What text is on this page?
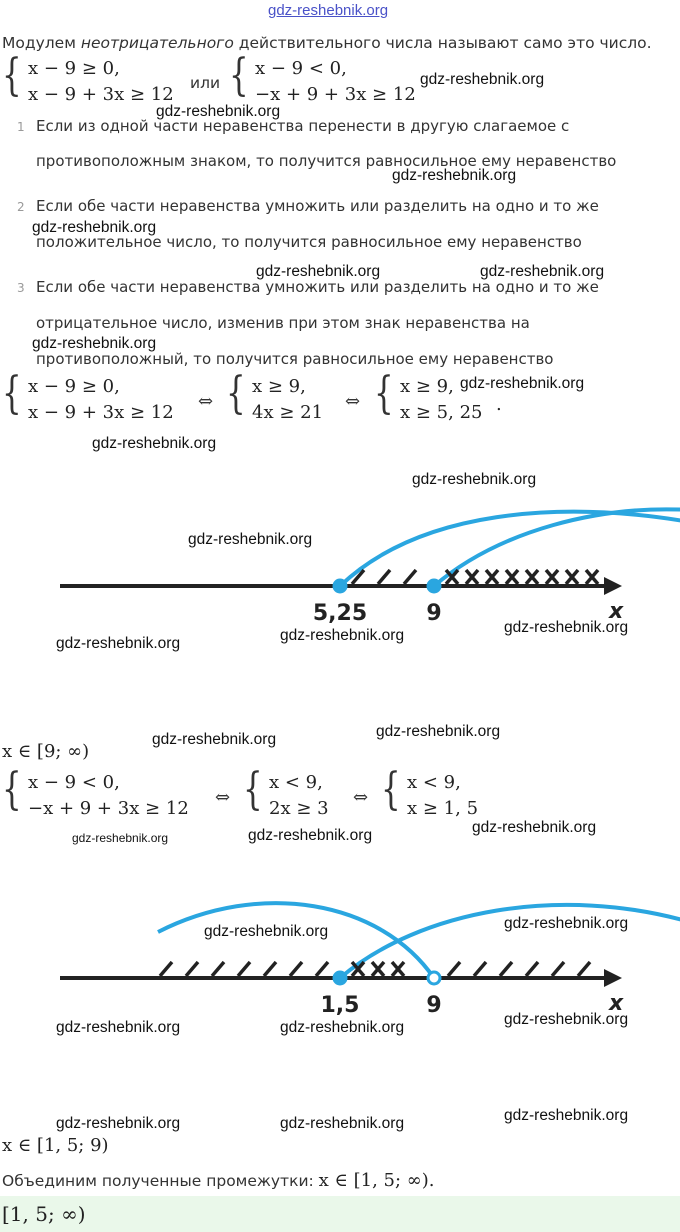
gdz-reshebnik.org
Модулем неотрицательного действительного числа называют само это число.
{ x − 9 ≥ 0,
x − 9 + 3x ≥ 12
или { x − 9 < 0,
−x + 9 + 3x ≥ 12
1 Если из одной части неравенства перенести в другую слагаемое с
противоположным знаком, то получится равносильное ему неравенство
2 Если обе части неравенства умножить или разделить на одно и то же
положительное число, то получится равносильное ему неравенство
3 Если обе части неравенства умножить или разделить на одно и то же
отрицательное число, изменив при этом знак неравенства на
противоположный, то получится равносильное ему неравенство
{ x − 9 ≥ 0,
x − 9 + 3x ≥ 12
⇔ { x ≥ 9,
4x ≥ 21
⇔ { x ≥ 9,
x ≥ 5, 25 .
5,25	9	x
x ∈ [9; ∞)
{ x − 9 < 0,
−x + 9 + 3x ≥ 12
⇔ { x < 9,
2x ≥ 3
⇔ { x < 9,
x ≥ 1, 5
1,5	9	x
x ∈ [1, 5; 9)
Объединим полученные промежутки: x ∈ [1, 5; ∞).
[1, 5; ∞)
gdz-reshebnik.org
gdz-reshebnik.org
gdz-reshebnik.org
gdz-reshebnik.org
gdz-reshebnik.org	gdz-reshebnik.org
gdz-reshebnik.org
gdz-reshebnik.org
gdz-reshebnik.org
gdz-reshebnik.org
gdz-reshebnik.org
gdz-reshebnik.org	gdz-reshebnik.org	gdz-reshebnik.org
gdz-reshebnik.org	gdz-reshebnik.org
gdz-reshebnik.org	gdz-reshebnik.org	gdz-reshebnik.org
gdz-reshebnik.org	gdz-reshebnik.org
gdz-reshebnik.org	gdz-reshebnik.org	gdz-reshebnik.org
gdz-reshebnik.org	gdz-reshebnik.org	gdz-reshebnik.org
